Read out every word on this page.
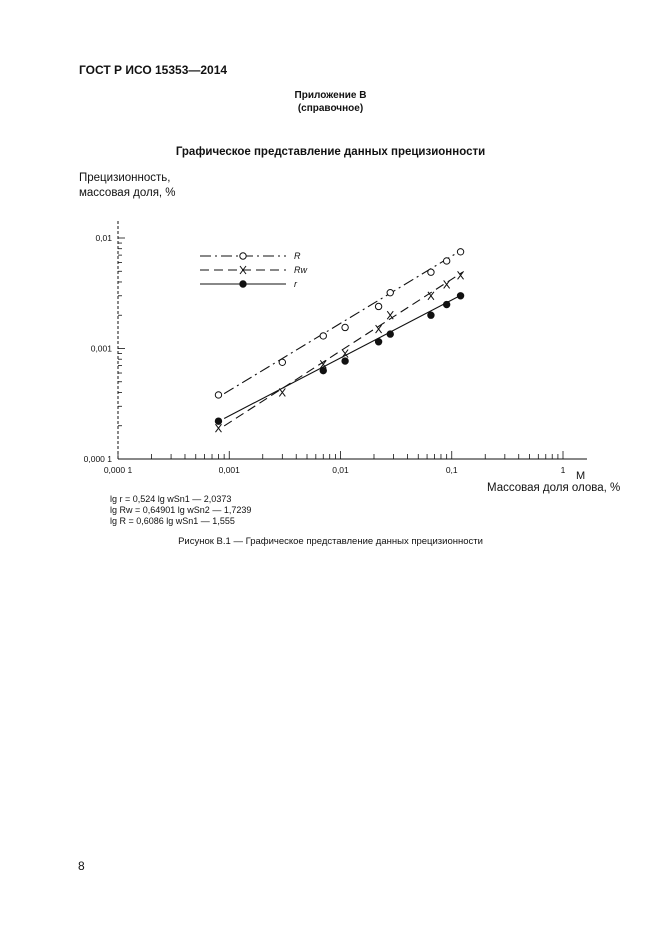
ГОСТ Р ИСО 15353—2014
Приложение В
(справочное)
Графическое представление данных прецизионности
Прецизионность,
массовая доля, %
0,000 1	0,001	0,01	0,1	1
0,000 1
0,001
0,01
R
Rw
r
M
Массовая доля олова, %
lg r = 0,524 lg wSn1 — 2,0373
lg Rw = 0,64901 lg wSn2 — 1,7239
lg R = 0,6086 lg wSn1 — 1,555
Рисунок В.1 — Графическое представление данных прецизионности
8
